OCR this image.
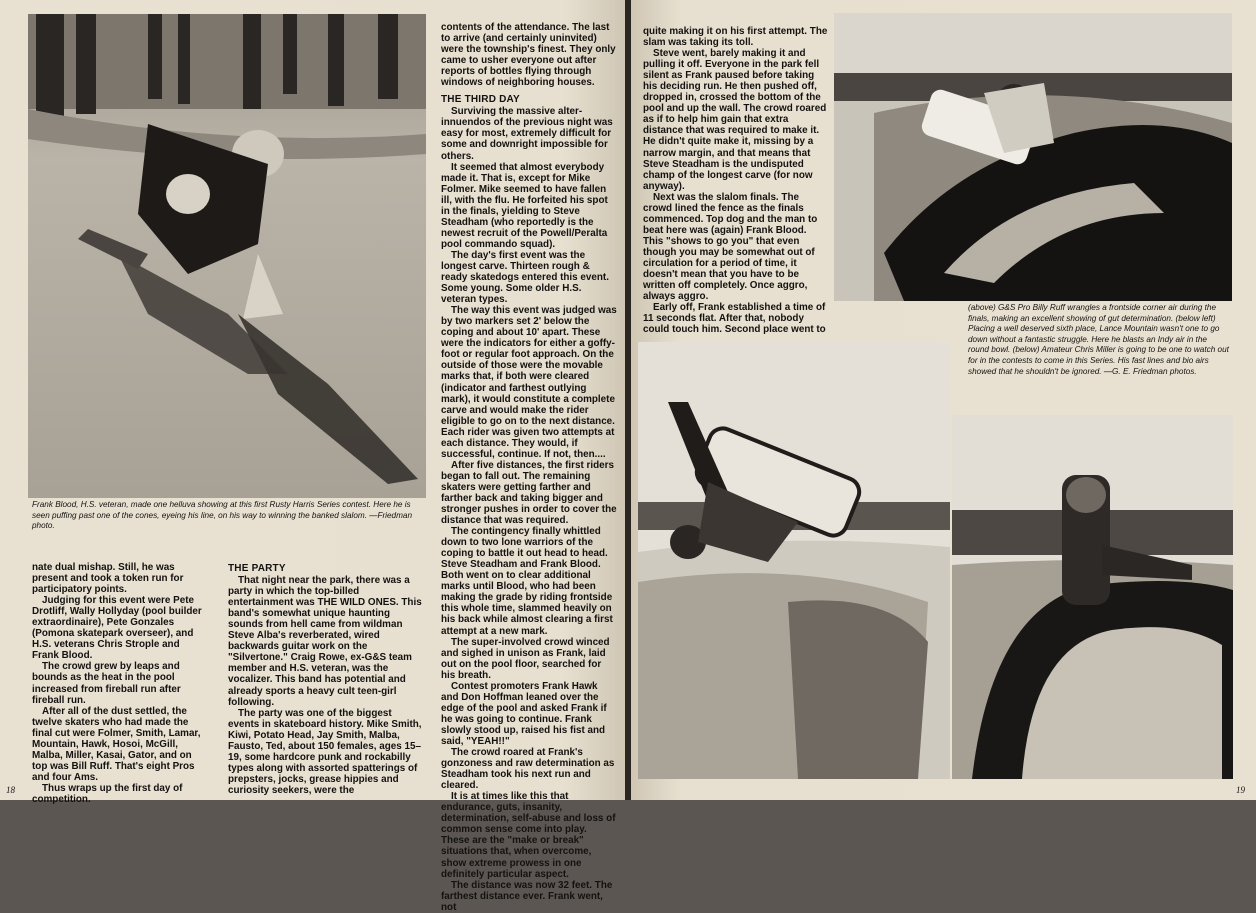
Frank Blood, H.S. veteran, made one helluva showing at this first Rusty Harris Series contest. Here he is seen puffing past one of the cones, eyeing his line, on his way to winning the banked slalom. —Friedman photo.

nate dual mishap. Still, he was present and took a token run for participatory points.

Judging for this event were Pete Drotliff, Wally Hollyday (pool builder extraordinaire), Pete Gonzales (Pomona skatepark overseer), and H.S. veterans Chris Strople and Frank Blood.

The crowd grew by leaps and bounds as the heat in the pool increased from fireball run after fireball run.

After all of the dust settled, the twelve skaters who had made the final cut were Folmer, Smith, Lamar, Mountain, Hawk, Hosoi, McGill, Malba, Miller, Kasai, Gator, and on top was Bill Ruff. That's eight Pros and four Ams.

Thus wraps up the first day of competition.

THE PARTY

That night near the park, there was a party in which the top-billed entertainment was THE WILD ONES. This band's somewhat unique haunting sounds from hell came from wildman Steve Alba's reverberated, wired backwards guitar work on the "Silvertone." Craig Rowe, ex-G&S team member and H.S. veteran, was the vocalizer. This band has potential and already sports a heavy cult teen-girl following.

The party was one of the biggest events in skateboard history. Mike Smith, Kiwi, Potato Head, Jay Smith, Malba, Fausto, Ted, about 150 females, ages 15–19, some hardcore punk and rockabilly types along with assorted spatterings of prepsters, jocks, grease hippies and curiosity seekers, were the

contents of the attendance. The last to arrive (and certainly uninvited) were the township's finest. They only came to usher everyone out after reports of bottles flying through windows of neighboring houses.

THE THIRD DAY

Surviving the massive alter-innuendos of the previous night was easy for most, extremely difficult for some and downright impossible for others.

It seemed that almost everybody made it. That is, except for Mike Folmer. Mike seemed to have fallen ill, with the flu. He forfeited his spot in the finals, yielding to Steve Steadham (who reportedly is the newest recruit of the Powell/Peralta pool commando squad).

The day's first event was the longest carve. Thirteen rough & ready skatedogs entered this event. Some young. Some older H.S. veteran types.

The way this event was judged was by two markers set 2' below the coping and about 10' apart. These were the indicators for either a goffy-foot or regular foot approach. On the outside of those were the movable marks that, if both were cleared (indicator and farthest outlying mark), it would constitute a complete carve and would make the rider eligible to go on to the next distance. Each rider was given two attempts at each distance. They would, if successful, continue. If not, then....

After five distances, the first riders began to fall out. The remaining skaters were getting farther and farther back and taking bigger and stronger pushes in order to cover the distance that was required.

The contingency finally whittled down to two lone warriors of the coping to battle it out head to head. Steve Steadham and Frank Blood. Both went on to clear additional marks until Blood, who had been making the grade by riding frontside this whole time, slammed heavily on his back while almost clearing a first attempt at a new mark.

The super-involved crowd winced and sighed in unison as Frank, laid out on the pool floor, searched for his breath.

Contest promoters Frank Hawk and Don Hoffman leaned over the edge of the pool and asked Frank if he was going to continue. Frank slowly stood up, raised his fist and said, "YEAH!!"

The crowd roared at Frank's gonzoness and raw determination as Steadham took his next run and cleared.

It is at times like this that endurance, guts, insanity, determination, self-abuse and loss of common sense come into play. These are the "make or break" situations that, when overcome, show extreme prowess in one definitely particular aspect.

The distance was now 32 feet. The farthest distance ever. Frank went, not

18

quite making it on his first attempt. The slam was taking its toll.

Steve went, barely making it and pulling it off. Everyone in the park fell silent as Frank paused before taking his deciding run. He then pushed off, dropped in, crossed the bottom of the pool and up the wall. The crowd roared as if to help him gain that extra distance that was required to make it. He didn't quite make it, missing by a narrow margin, and that means that Steve Steadham is the undisputed champ of the longest carve (for now anyway).

Next was the slalom finals. The crowd lined the fence as the finals commenced. Top dog and the man to beat here was (again) Frank Blood. This "shows to go you" that even though you may be somewhat out of circulation for a period of time, it doesn't mean that you have to be written off completely. Once aggro, always aggro.

Early off, Frank established a time of 11 seconds flat. After that, nobody could touch him. Second place went to

(above) G&S Pro Billy Ruff wrangles a frontside corner air during the finals, making an excellent showing of gut determination. (below left) Placing a well deserved sixth place, Lance Mountain wasn't one to go down without a fantastic struggle. Here he blasts an Indy air in the round bowl. (below) Amateur Chris Miller is going to be one to watch out for in the contests to come in this Series. His fast lines and bio airs showed that he shouldn't be ignored. —G. E. Friedman photos.
19
